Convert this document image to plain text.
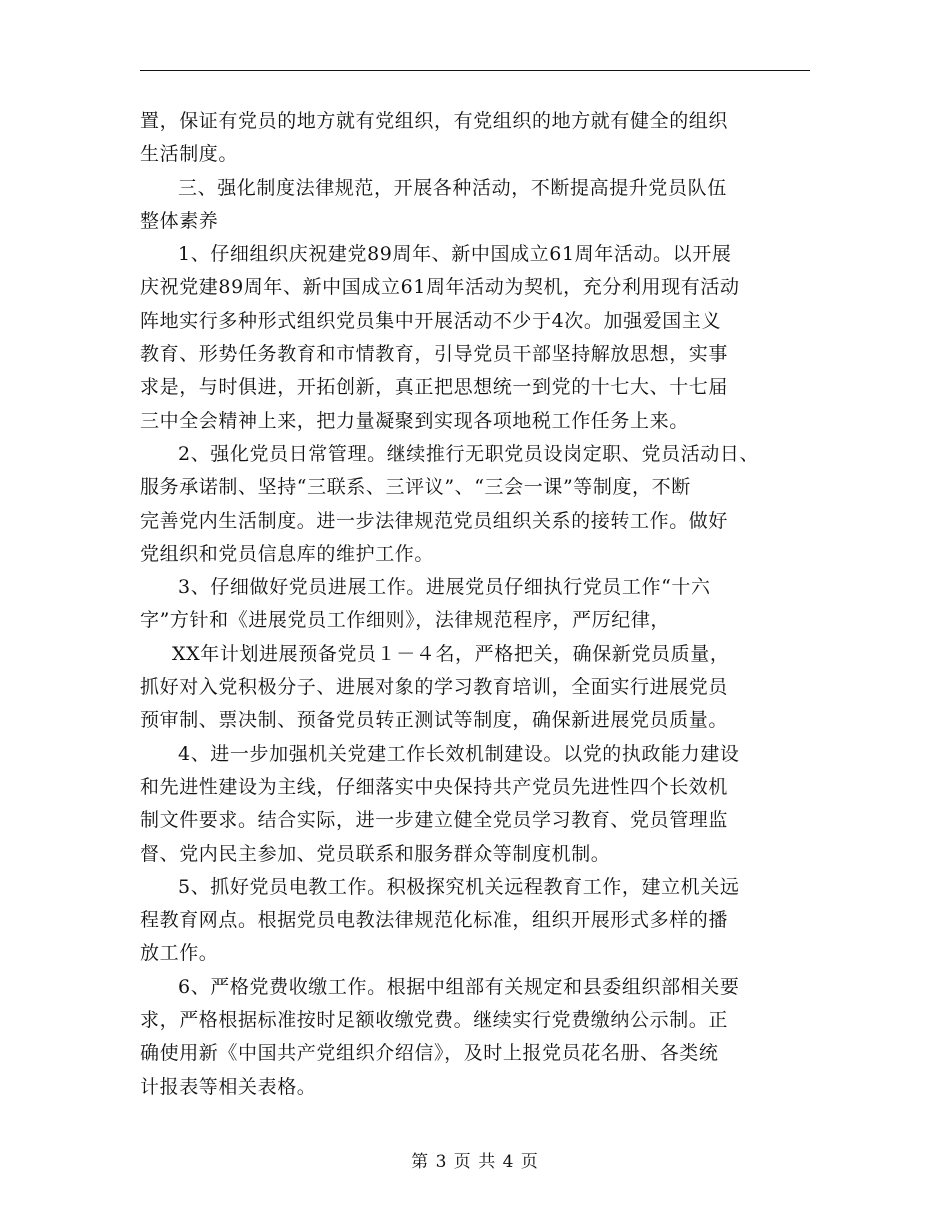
置，保证有党员的地方就有党组织，有党组织的地方就有健全的组织
生活制度。
三、强化制度法律规范，开展各种活动，不断提高提升党员队伍
整体素养
1、仔细组织庆祝建党89周年、新中国成立61周年活动。以开展
庆祝党建89周年、新中国成立61周年活动为契机，充分利用现有活动
阵地实行多种形式组织党员集中开展活动不少于4次。加强爱国主义
教育、形势任务教育和市情教育，引导党员干部坚持解放思想，实事
求是，与时俱进，开拓创新，真正把思想统一到党的十七大、十七届
三中全会精神上来，把力量凝聚到实现各项地税工作任务上来。
2、强化党员日常管理。继续推行无职党员设岗定职、党员活动日、
服务承诺制、坚持“三联系、三评议”、“三会一课”等制度，不断
完善党内生活制度。进一步法律规范党员组织关系的接转工作。做好
党组织和党员信息库的维护工作。
3、仔细做好党员进展工作。进展党员仔细执行党员工作“十六
字”方针和《进展党员工作细则》，法律规范程序，严厉纪律，
XX年计划进展预备党员１－４名，严格把关，确保新党员质量，
抓好对入党积极分子、进展对象的学习教育培训，全面实行进展党员
预审制、票决制、预备党员转正测试等制度，确保新进展党员质量。
4、进一步加强机关党建工作长效机制建设。以党的执政能力建设
和先进性建设为主线，仔细落实中央保持共产党员先进性四个长效机
制文件要求。结合实际，进一步建立健全党员学习教育、党员管理监
督、党内民主参加、党员联系和服务群众等制度机制。
5、抓好党员电教工作。积极探究机关远程教育工作，建立机关远
程教育网点。根据党员电教法律规范化标准，组织开展形式多样的播
放工作。
6、严格党费收缴工作。根据中组部有关规定和县委组织部相关要
求，严格根据标准按时足额收缴党费。继续实行党费缴纳公示制。正
确使用新《中国共产党组织介绍信》，及时上报党员花名册、各类统
计报表等相关表格。
第 3 页 共 4 页
